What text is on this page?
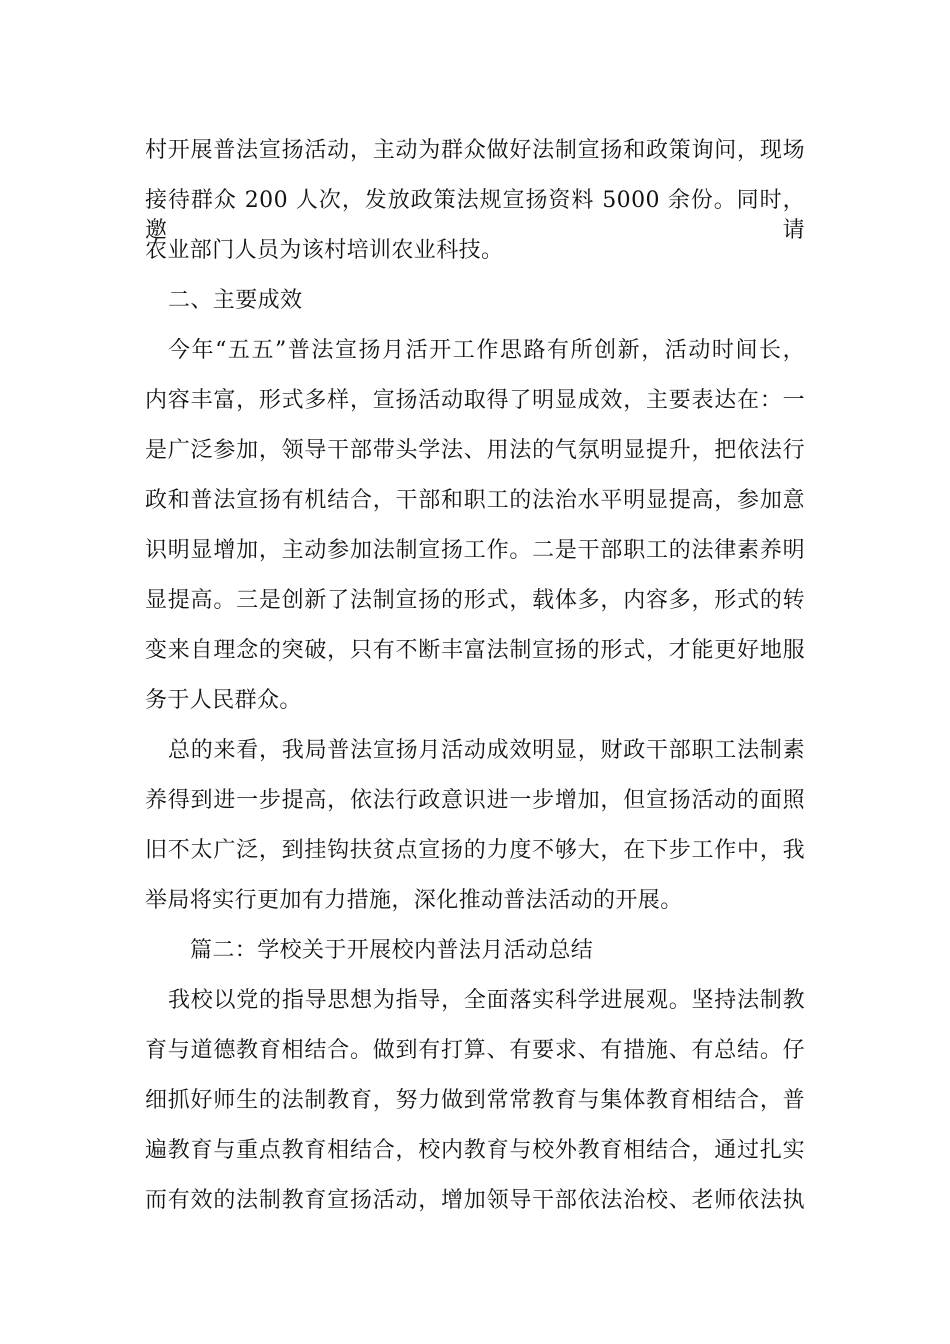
村开展普法宣扬活动，主动为群众做好法制宣扬和政策询问，现场
接待群众 200 人次，发放政策法规宣扬资料 5000 余份。同时，邀请
农业部门人员为该村培训农业科技。
二、主要成效
今年“五五”普法宣扬月活开工作思路有所创新，活动时间长，
内容丰富，形式多样，宣扬活动取得了明显成效，主要表达在：一
是广泛参加，领导干部带头学法、用法的气氛明显提升，把依法行
政和普法宣扬有机结合，干部和职工的法治水平明显提高，参加意
识明显增加，主动参加法制宣扬工作。二是干部职工的法律素养明
显提高。三是创新了法制宣扬的形式，载体多，内容多，形式的转
变来自理念的突破，只有不断丰富法制宣扬的形式，才能更好地服
务于人民群众。
总的来看，我局普法宣扬月活动成效明显，财政干部职工法制素
养得到进一步提高，依法行政意识进一步增加，但宣扬活动的面照
旧不太广泛，到挂钩扶贫点宣扬的力度不够大，在下步工作中，我
举局将实行更加有力措施，深化推动普法活动的开展。
篇二：学校关于开展校内普法月活动总结
我校以党的指导思想为指导，全面落实科学进展观。坚持法制教
育与道德教育相结合。做到有打算、有要求、有措施、有总结。仔
细抓好师生的法制教育，努力做到常常教育与集体教育相结合，普
遍教育与重点教育相结合，校内教育与校外教育相结合，通过扎实
而有效的法制教育宣扬活动，增加领导干部依法治校、老师依法执
